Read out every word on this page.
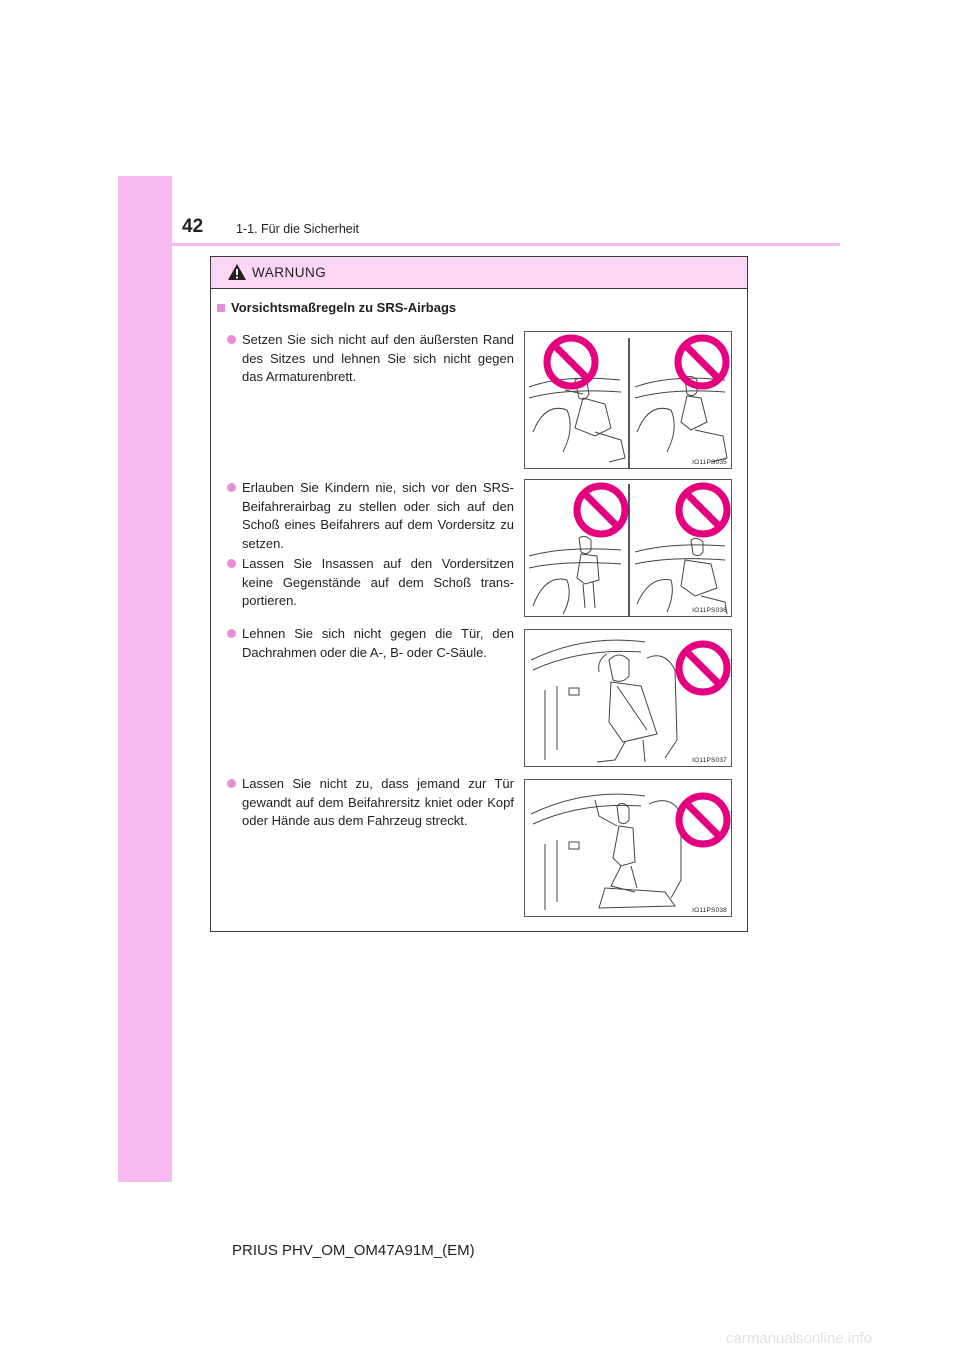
42	1-1. Für die Sicherheit
WARNUNG
Vorsichtsmaßregeln zu SRS-Airbags
Setzen Sie sich nicht auf den äußersten Rand des Sitzes und lehnen Sie sich nicht gegen das Armaturenbrett.
Erlauben Sie Kindern nie, sich vor den SRS-Beifahrerairbag zu stellen oder sich auf den Schoß eines Beifahrers auf dem Vordersitz zu setzen.
Lassen Sie Insassen auf den Vordersitzen keine Gegenstände auf dem Schoß trans-portieren.
Lehnen Sie sich nicht gegen die Tür, den Dachrahmen oder die A-, B- oder C-Säule.
Lassen Sie nicht zu, dass jemand zur Tür gewandt auf dem Beifahrersitz kniet oder Kopf oder Hände aus dem Fahrzeug streckt.
IO11PS035
IO11PS036
IO11PS037
IO11PS038
PRIUS PHV_OM_OM47A91M_(EM)
carmanualsonline.info
